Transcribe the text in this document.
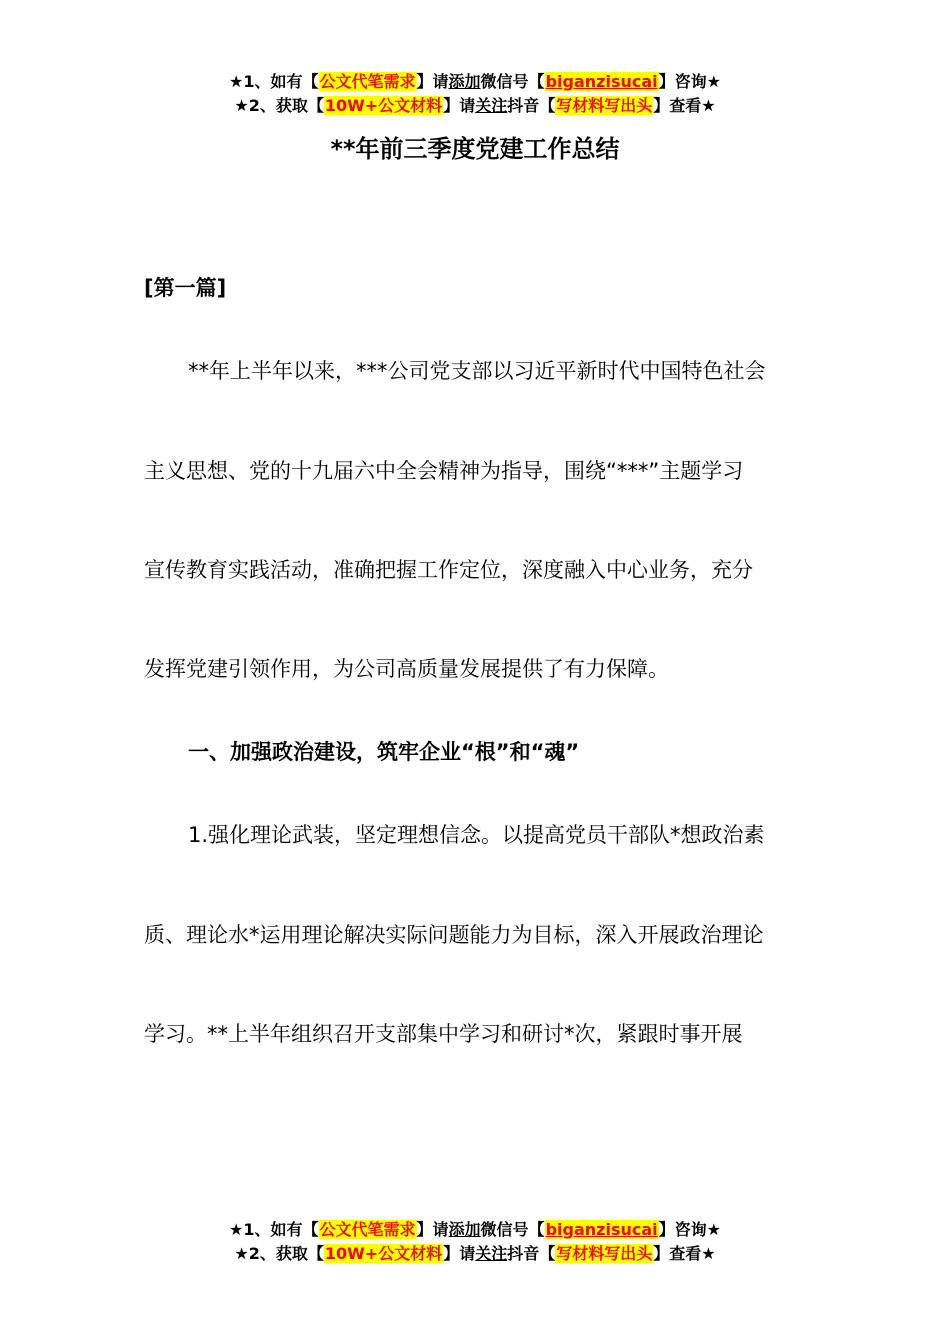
★1、如有【公文代笔需求】请添加微信号【biganzisucai】咨询★
★2、获取【10W+公文材料】请关注抖音【写材料写出头】查看★
**年前三季度党建工作总结
[第一篇]
**年上半年以来，***公司党支部以习近平新时代中国特色社会
主义思想、党的十九届六中全会精神为指导，围绕“***”主题学习
宣传教育实践活动，准确把握工作定位，深度融入中心业务，充分
发挥党建引领作用，为公司高质量发展提供了有力保障。
一、加强政治建设，筑牢企业“根”和“魂”
1.强化理论武装，坚定理想信念。以提高党员干部队*想政治素
质、理论水*运用理论解决实际问题能力为目标，深入开展政治理论
学习。**上半年组织召开支部集中学习和研讨*次，紧跟时事开展
★1、如有【公文代笔需求】请添加微信号【biganzisucai】咨询★
★2、获取【10W+公文材料】请关注抖音【写材料写出头】查看★
